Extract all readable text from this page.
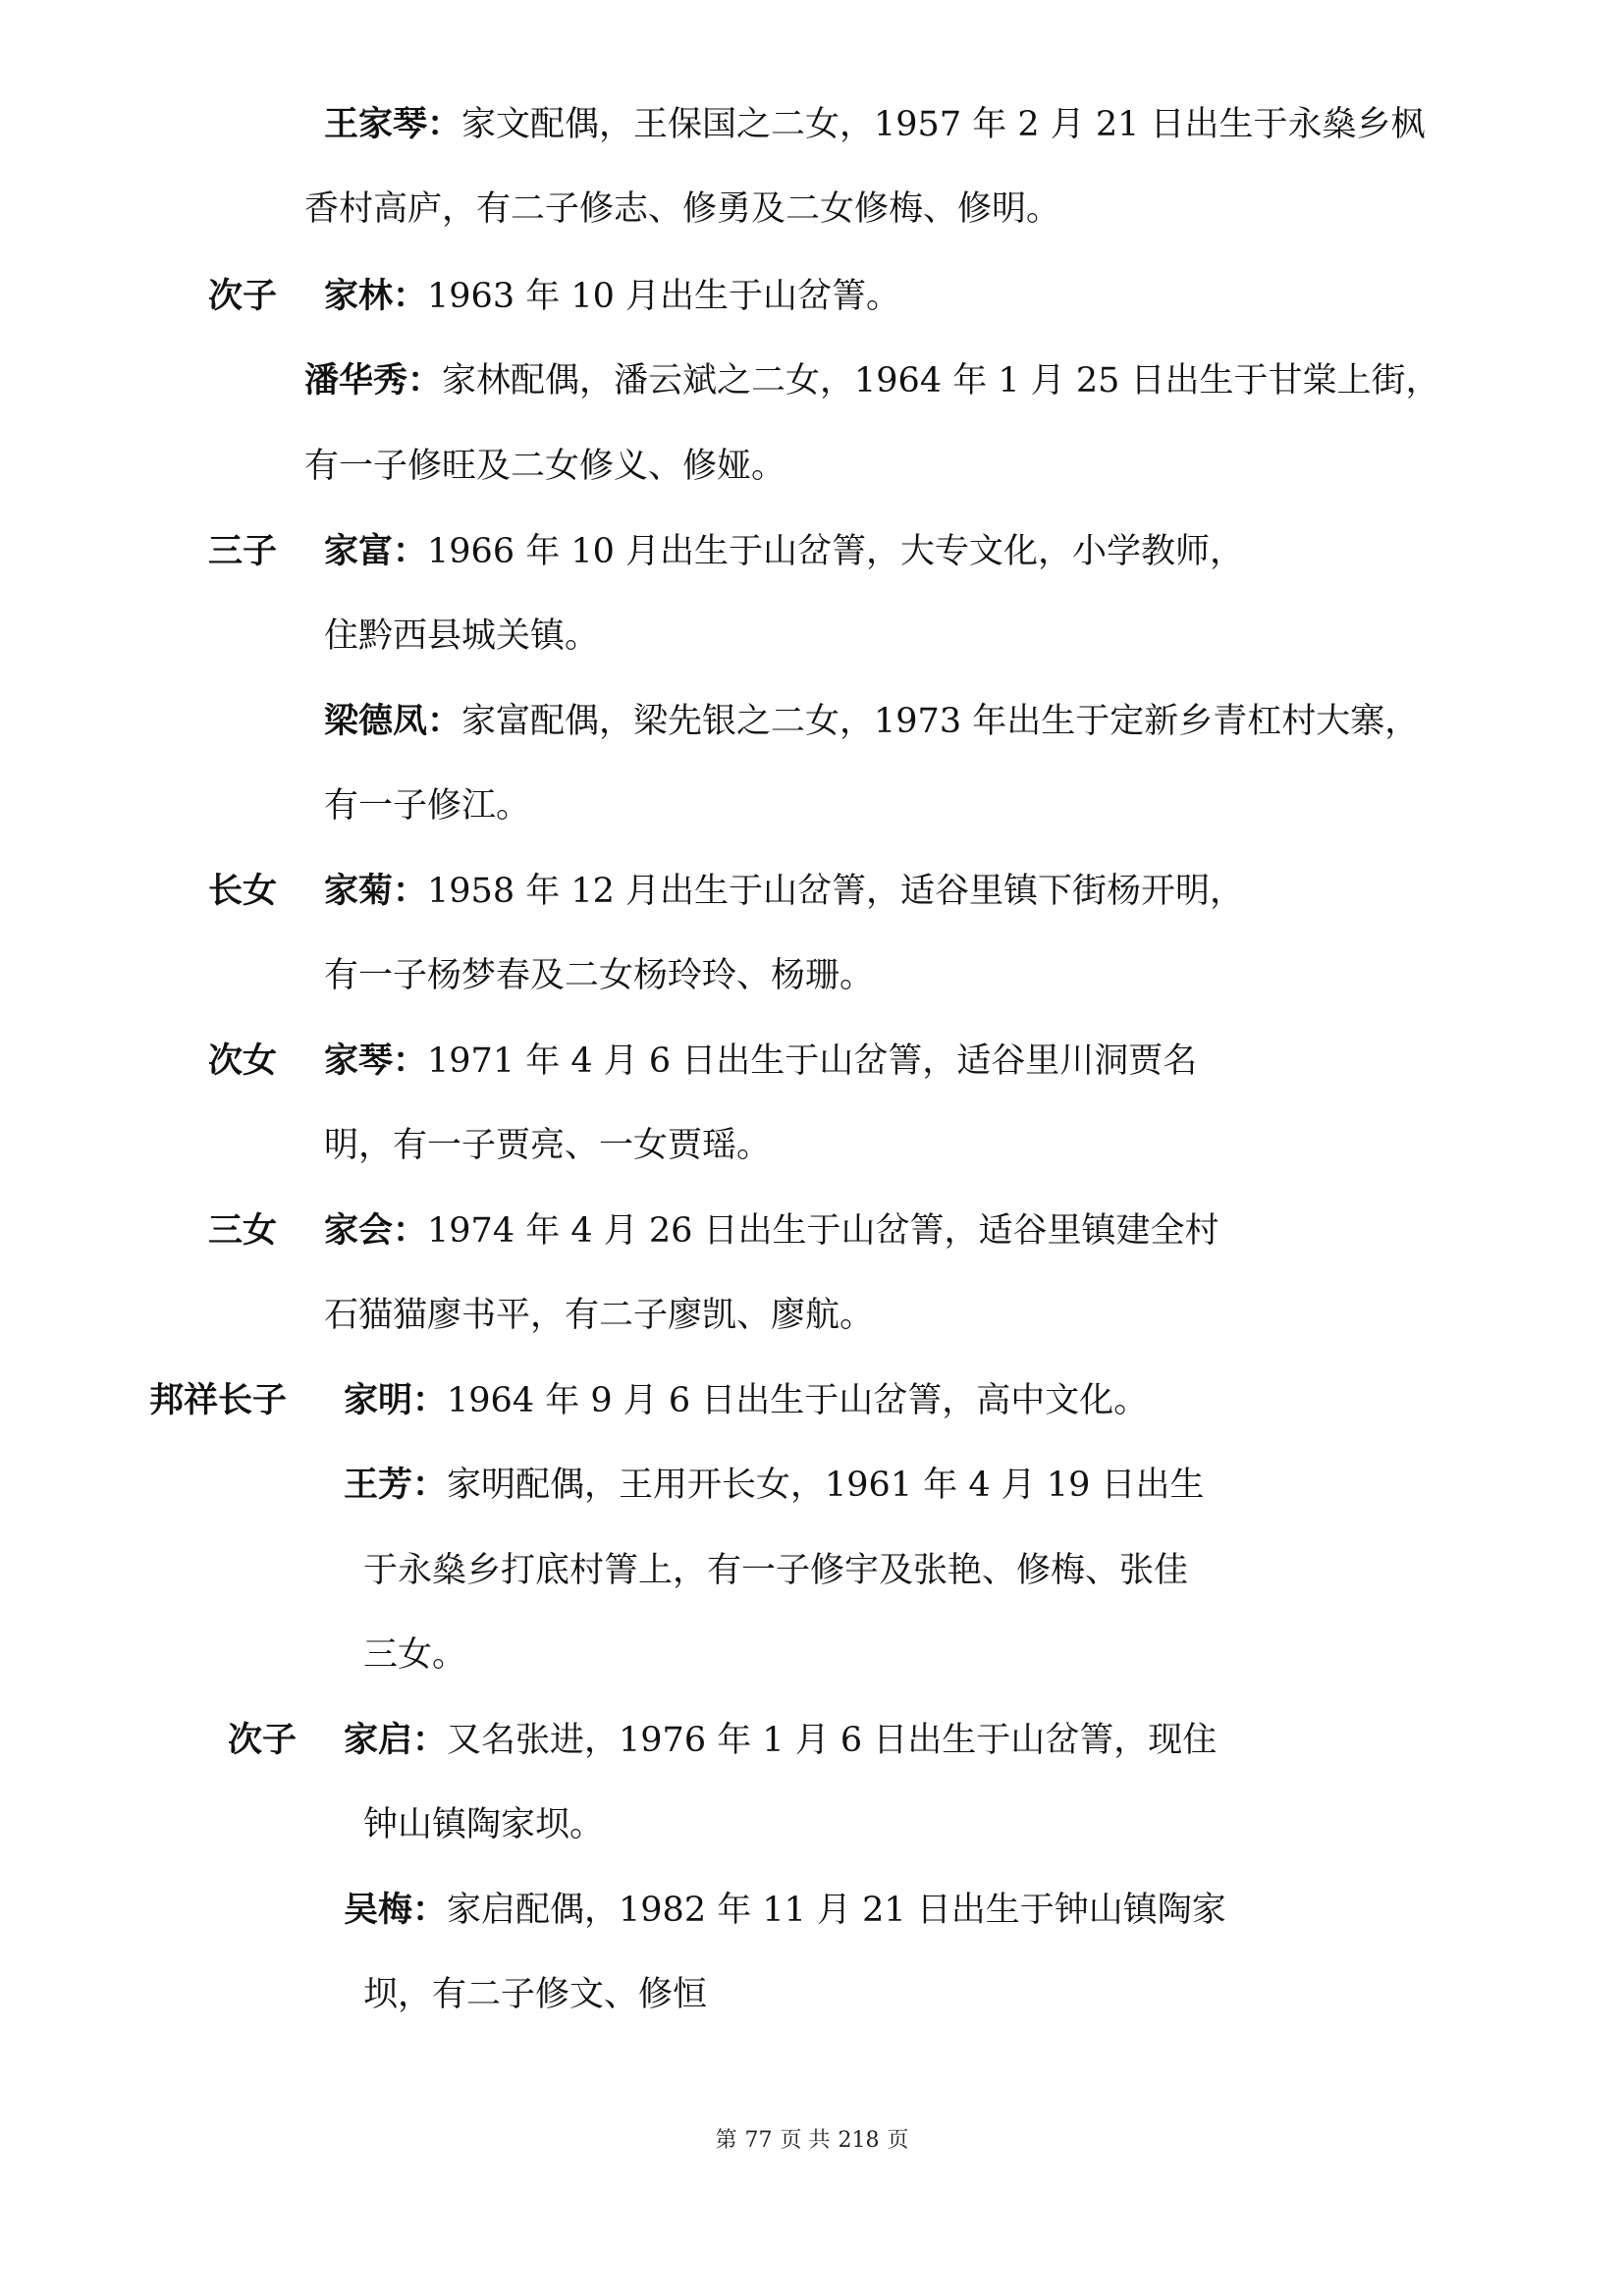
王家琴：家文配偶，王保国之二女，1957 年 2 月 21 日出生于永燊乡枫
香村高庐，有二子修志、修勇及二女修梅、修明。
次子 家林：1963 年 10 月出生于山岔箐。
潘华秀：家林配偶，潘云斌之二女，1964 年 1 月 25 日出生于甘棠上街，
有一子修旺及二女修义、修娅。
三子 家富：1966 年 10 月出生于山岔箐，大专文化，小学教师，
住黔西县城关镇。
梁德凤：家富配偶，梁先银之二女，1973 年出生于定新乡青杠村大寨，
有一子修江。
长女 家菊：1958 年 12 月出生于山岔箐，适谷里镇下街杨开明，
有一子杨梦春及二女杨玲玲、杨珊。
次女 家琴：1971 年 4 月 6 日出生于山岔箐，适谷里川洞贾名
明，有一子贾亮、一女贾瑶。
三女 家会：1974 年 4 月 26 日出生于山岔箐，适谷里镇建全村
石猫猫廖书平，有二子廖凯、廖航。
邦祥长子 家明：1964 年 9 月 6 日出生于山岔箐，高中文化。
王芳：家明配偶，王用开长女，1961 年 4 月 19 日出生
于永燊乡打底村箐上，有一子修宇及张艳、修梅、张佳
三女。
次子 家启：又名张进，1976 年 1 月 6 日出生于山岔箐，现住
钟山镇陶家坝。
吴梅：家启配偶，1982 年 11 月 21 日出生于钟山镇陶家
坝，有二子修文、修恒
第 77 页 共 218 页
